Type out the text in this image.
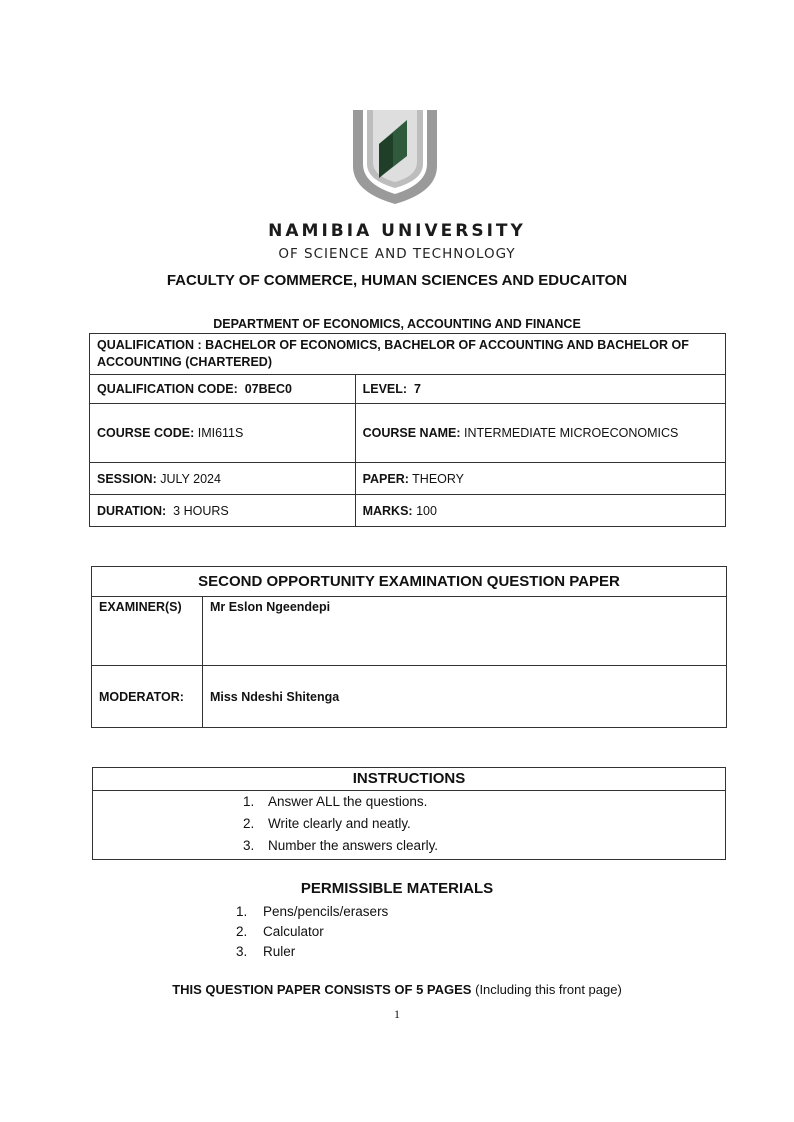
NAMIBIA UNIVERSITY
OF SCIENCE AND TECHNOLOGY
FACULTY OF COMMERCE, HUMAN SCIENCES AND EDUCAITON
DEPARTMENT OF ECONOMICS, ACCOUNTING AND FINANCE
QUALIFICATION : BACHELOR OF ECONOMICS, BACHELOR OF ACCOUNTING AND BACHELOR OF ACCOUNTING (CHARTERED)	
QUALIFICATION CODE: 07BEC0	LEVEL: 7
COURSE CODE: IMI611S	COURSE NAME: INTERMEDIATE MICROECONOMICS
SESSION: JULY 2024	PAPER: THEORY
DURATION: 3 HOURS	MARKS: 100
SECOND OPPORTUNITY EXAMINATION QUESTION PAPER	
EXAMINER(S)	Mr Eslon Ngeendepi
MODERATOR:	Miss Ndeshi Shitenga
INSTRUCTIONS
1. Answer ALL the questions.
2. Write clearly and neatly.
3. Number the answers clearly.
PERMISSIBLE MATERIALS
1. Pens/pencils/erasers
2. Calculator
3. Ruler
THIS QUESTION PAPER CONSISTS OF 5 PAGES (Including this front page)
1
